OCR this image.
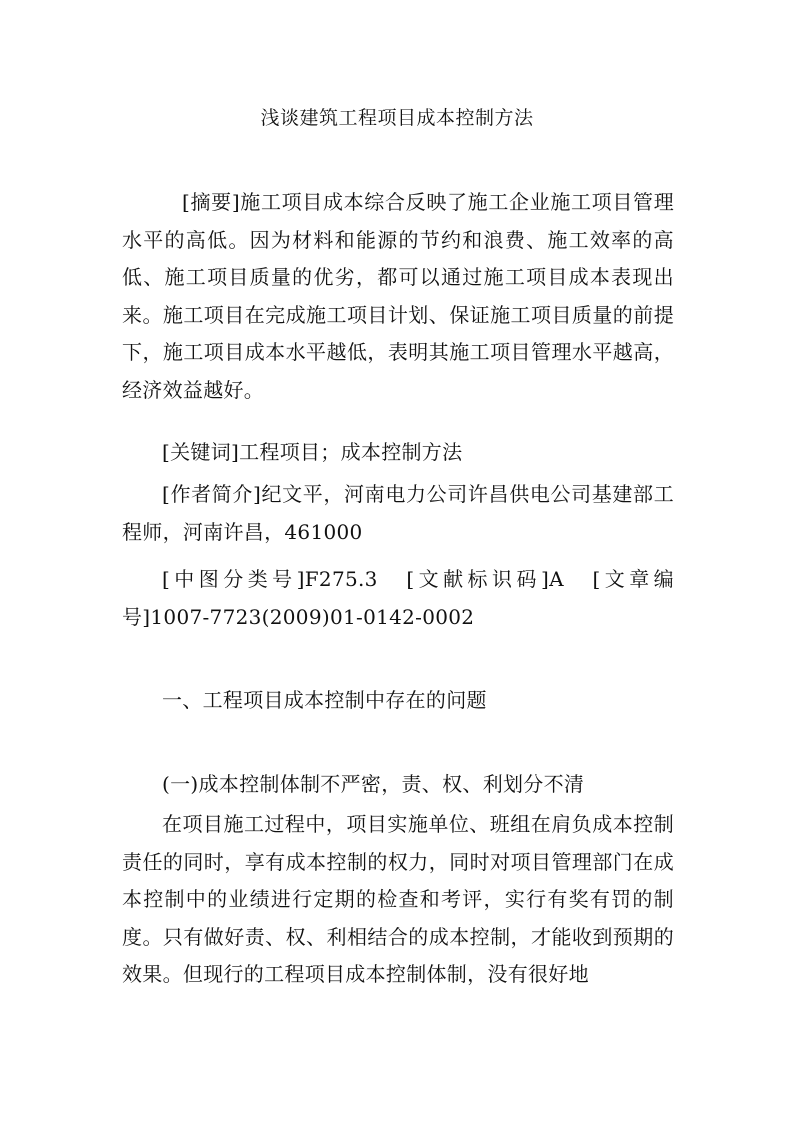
浅谈建筑工程项目成本控制方法
[摘要]施工项目成本综合反映了施工企业施工项目管理水平的高低。因为材料和能源的节约和浪费、施工效率的高低、施工项目质量的优劣，都可以通过施工项目成本表现出来。施工项目在完成施工项目计划、保证施工项目质量的前提下，施工项目成本水平越低，表明其施工项目管理水平越高，经济效益越好。
[关键词]工程项目；成本控制方法
[作者简介]纪文平，河南电力公司许昌供电公司基建部工程师，河南许昌，461000
[中图分类号]F275.3　[文献标识码]A　[文章编号]1007-7723(2009)01-0142-0002
一、工程项目成本控制中存在的问题
(一)成本控制体制不严密，责、权、利划分不清
在项目施工过程中，项目实施单位、班组在肩负成本控制责任的同时，享有成本控制的权力，同时对项目管理部门在成本控制中的业绩进行定期的检查和考评，实行有奖有罚的制度。只有做好责、权、利相结合的成本控制，才能收到预期的效果。但现行的工程项目成本控制体制，没有很好地
